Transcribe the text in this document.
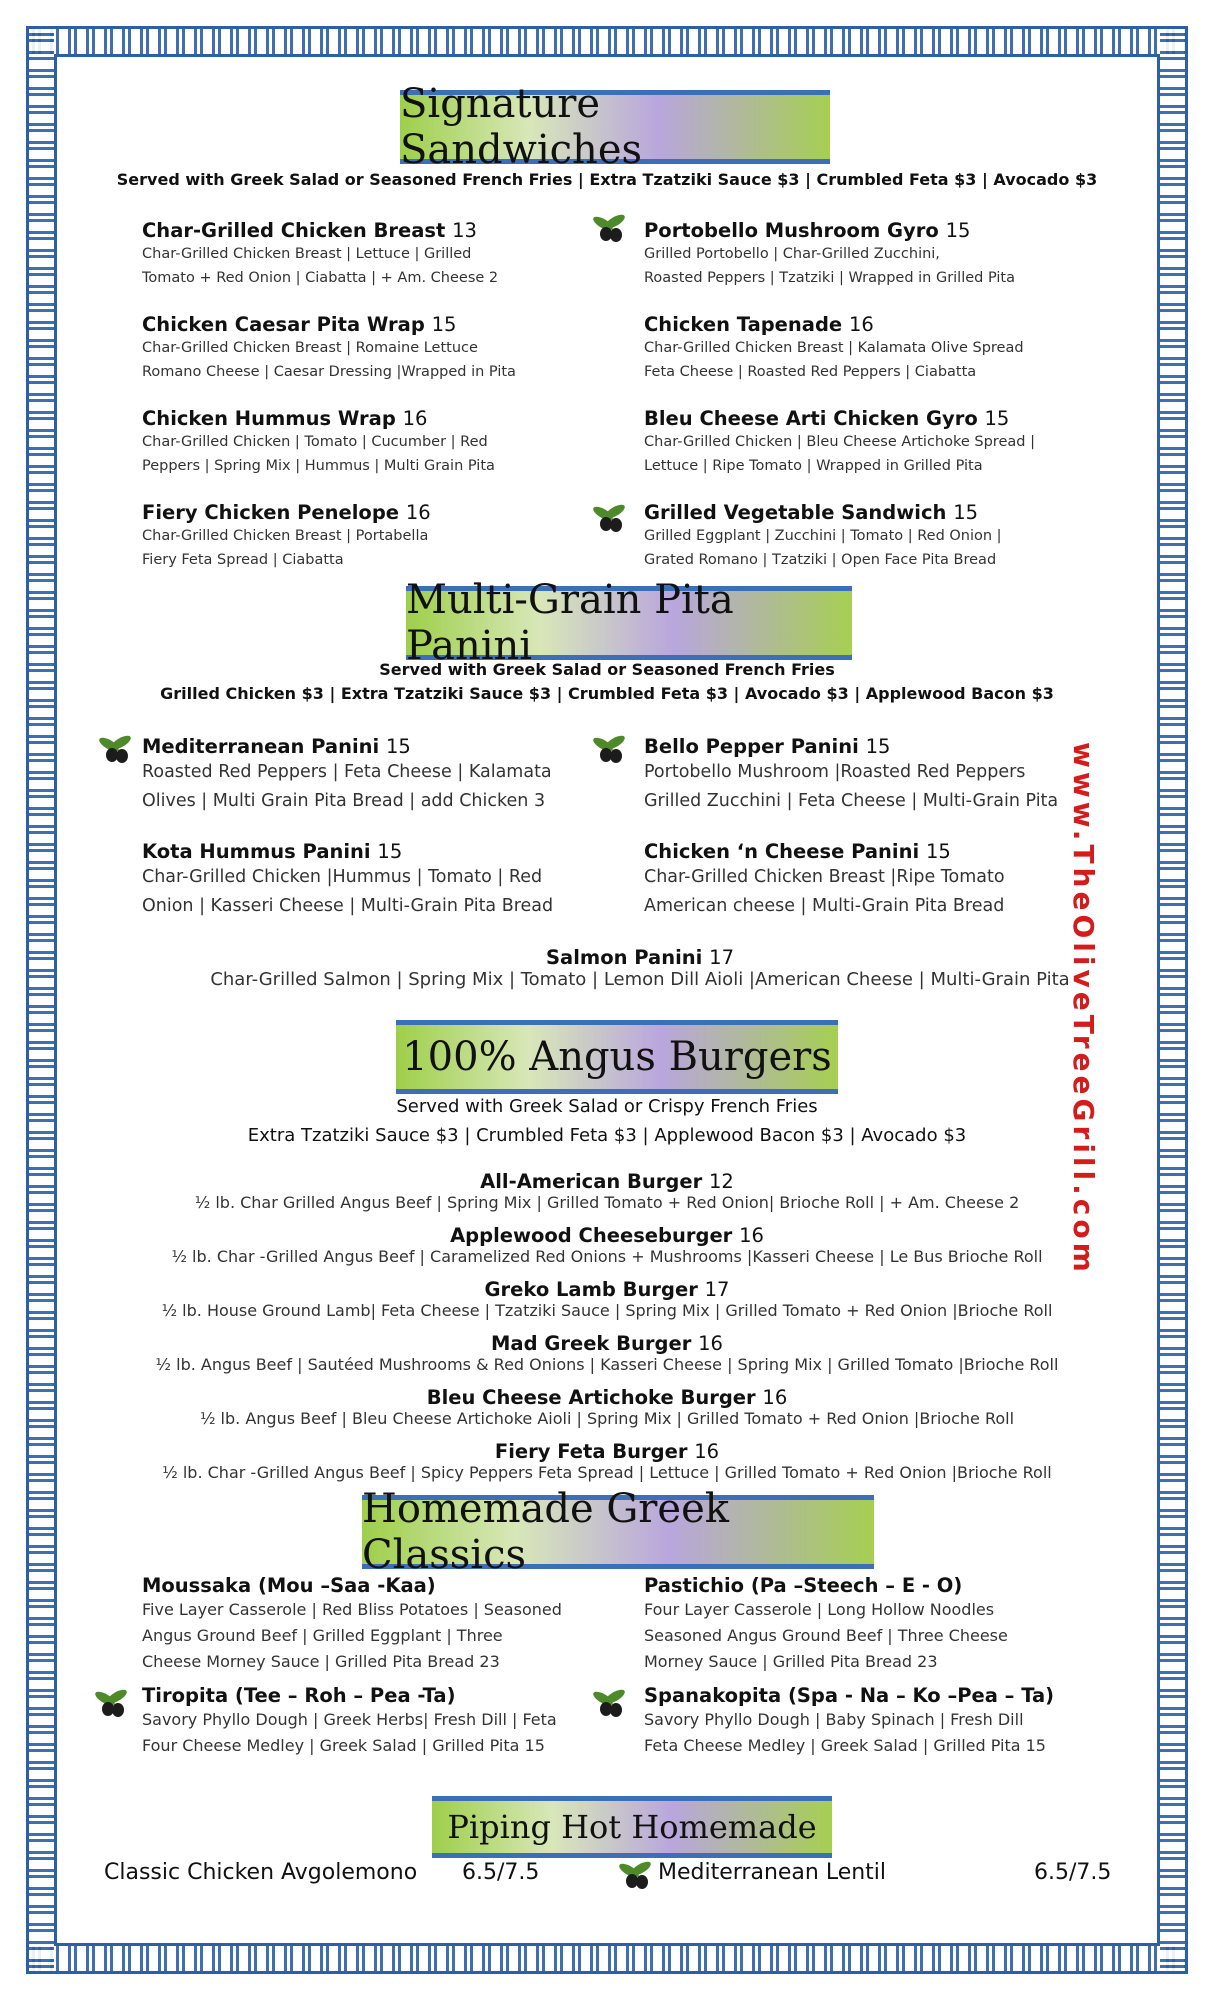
Signature Sandwiches
Served with Greek Salad or Seasoned French Fries | Extra Tzatziki Sauce $3 | Crumbled Feta $3 | Avocado $3
Char-Grilled Chicken Breast 13
Char-Grilled Chicken Breast | Lettuce | Grilled
Tomato + Red Onion | Ciabatta | + Am. Cheese 2
Portobello Mushroom Gyro 15
Grilled Portobello | Char-Grilled Zucchini,
Roasted Peppers | Tzatziki | Wrapped in Grilled Pita
Chicken Caesar Pita Wrap 15
Char-Grilled Chicken Breast | Romaine Lettuce
Romano Cheese | Caesar Dressing |Wrapped in Pita
Chicken Tapenade 16
Char-Grilled Chicken Breast | Kalamata Olive Spread
Feta Cheese | Roasted Red Peppers | Ciabatta
Chicken Hummus Wrap 16
Char-Grilled Chicken | Tomato | Cucumber | Red
Peppers | Spring Mix | Hummus | Multi Grain Pita
Bleu Cheese Arti Chicken Gyro 15
Char-Grilled Chicken | Bleu Cheese Artichoke Spread |
Lettuce | Ripe Tomato | Wrapped in Grilled Pita
Fiery Chicken Penelope 16
Char-Grilled Chicken Breast | Portabella
Fiery Feta Spread | Ciabatta
Grilled Vegetable Sandwich 15
Grilled Eggplant | Zucchini | Tomato | Red Onion |
Grated Romano | Tzatziki | Open Face Pita Bread
Multi-Grain Pita Panini
Served with Greek Salad or Seasoned French Fries
Grilled Chicken $3 | Extra Tzatziki Sauce $3 | Crumbled Feta $3 | Avocado $3 | Applewood Bacon $3
Mediterranean Panini 15
Roasted Red Peppers | Feta Cheese | Kalamata
Olives | Multi Grain Pita Bread | add Chicken 3
Bello Pepper Panini 15
Portobello Mushroom |Roasted Red Peppers
Grilled Zucchini | Feta Cheese | Multi-Grain Pita
Kota Hummus Panini 15
Char-Grilled Chicken |Hummus | Tomato | Red
Onion | Kasseri Cheese | Multi-Grain Pita Bread
Chicken ‘n Cheese Panini 15
Char-Grilled Chicken Breast |Ripe Tomato
American cheese | Multi-Grain Pita Bread
Salmon Panini 17
Char-Grilled Salmon | Spring Mix | Tomato | Lemon Dill Aioli |American Cheese | Multi-Grain Pita
100% Angus Burgers
Served with Greek Salad or Crispy French Fries
Extra Tzatziki Sauce $3 | Crumbled Feta $3 | Applewood Bacon $3 | Avocado $3
All-American Burger 12
½ lb. Char Grilled Angus Beef | Spring Mix | Grilled Tomato + Red Onion| Brioche Roll | + Am. Cheese 2
Applewood Cheeseburger 16
½ lb. Char -Grilled Angus Beef | Caramelized Red Onions + Mushrooms |Kasseri Cheese | Le Bus Brioche Roll
Greko Lamb Burger 17
½ lb. House Ground Lamb| Feta Cheese | Tzatziki Sauce | Spring Mix | Grilled Tomato + Red Onion |Brioche Roll
Mad Greek Burger 16
½ lb. Angus Beef | Sautéed Mushrooms & Red Onions | Kasseri Cheese | Spring Mix | Grilled Tomato |Brioche Roll
Bleu Cheese Artichoke Burger 16
½ lb. Angus Beef | Bleu Cheese Artichoke Aioli | Spring Mix | Grilled Tomato + Red Onion |Brioche Roll
Fiery Feta Burger 16
½ lb. Char -Grilled Angus Beef | Spicy Peppers Feta Spread | Lettuce | Grilled Tomato + Red Onion |Brioche Roll
Homemade Greek Classics
Moussaka (Mou –Saa -Kaa)
Five Layer Casserole | Red Bliss Potatoes | Seasoned
Angus Ground Beef | Grilled Eggplant | Three
Cheese Morney Sauce | Grilled Pita Bread 23
Pastichio (Pa –Steech – E - O)
Four Layer Casserole | Long Hollow Noodles
Seasoned Angus Ground Beef | Three Cheese
Morney Sauce | Grilled Pita Bread 23
Tiropita (Tee – Roh – Pea -Ta)
Savory Phyllo Dough | Greek Herbs| Fresh Dill | Feta
Four Cheese Medley | Greek Salad | Grilled Pita 15
Spanakopita (Spa - Na – Ko –Pea – Ta)
Savory Phyllo Dough | Baby Spinach | Fresh Dill
Feta Cheese Medley | Greek Salad | Grilled Pita 15
Piping Hot Homemade
Classic Chicken Avgolemono 6.5/7.5	Mediterranean Lentil	6.5/7.5
www.TheOliveTreeGrill.com
